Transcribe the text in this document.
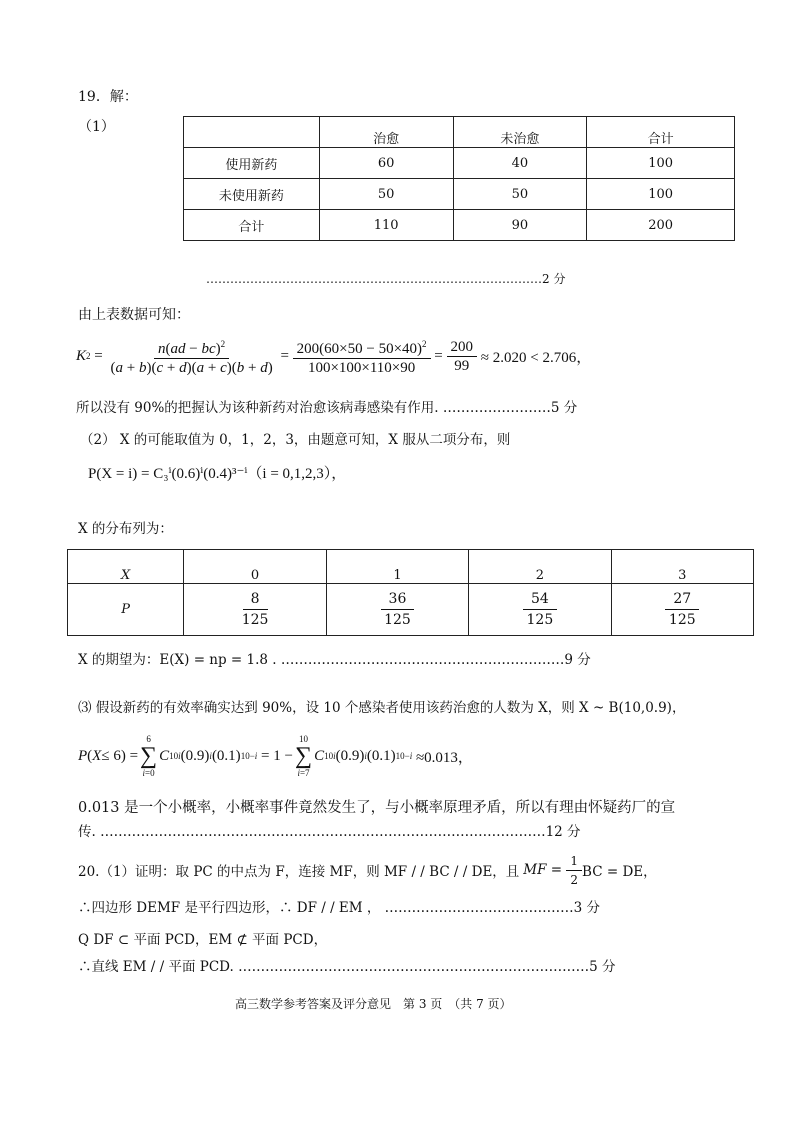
19．解：
（1）
	治愈	未治愈	合计
使用新药	60	40	100
未使用新药	50	50	100
合计	110	90	200
…………………………………………………………………………2 分
由上表数据可知：
K $2 = \frac{n(ad - bc)^2}{(a + b)(c + d)(a + c)(b + d)} = \frac{200(60\times 50 - 50\times 40)^2}{100\times 100\times 110\times 90} = \frac{200}{99}$
≈ 2.020 < 2.706，
所以没有 90%的把握认为该种新药对治愈该病毒感染有作用. ……………………5 分
（2） X 的可能取值为 0，1，2，3，由题意可知，X 服从二项分布，则
P(X = i) = C₃ⁱ(0.6)ⁱ(0.4)³⁻ⁱ（i = 0,1,2,3），
X 的分布列为：
X	0	1	2	3
P	$\frac{8}{125}$	$\frac{36}{125}$	$\frac{54}{125}$	$\frac{27}{125}$
X 的期望为：E(X) = np = 1.8 . ………………………………………………………9 分
⑶ 假设新药的有效率确实达到 90%，设 10 个感染者使用该药治愈的人数为 X，则 X ~ B(10,0.9)，
P ( X ≤ 6) =
6
∑
i=0
C 10 i (0.9) i (0.1) 10−i = 1 −
10
∑
i=7
C 10 i (0.9) i (0.1) 10−i
≈0.013，
0.013 是一个小概率，小概率事件竟然发生了，与小概率原理矛盾，所以有理由怀疑药厂的宣
传. ………………………………………………………………………………………12 分
20.（1）证明：取 PC 的中点为 F，连接 MF，则 MF / / BC / / DE，且 MF = $\frac{1}{2}$ BC = DE，
∴四边形 DEMF 是平行四边形，∴ DF / / EM ， ……………………………………3 分
Q DF ⊂ 平面 PCD，EM ⊄ 平面 PCD，
∴直线 EM / / 平面 PCD. ……………………………………………………………………5 分
高三数学参考答案及评分意见　第 3 页　（共 7 页）
